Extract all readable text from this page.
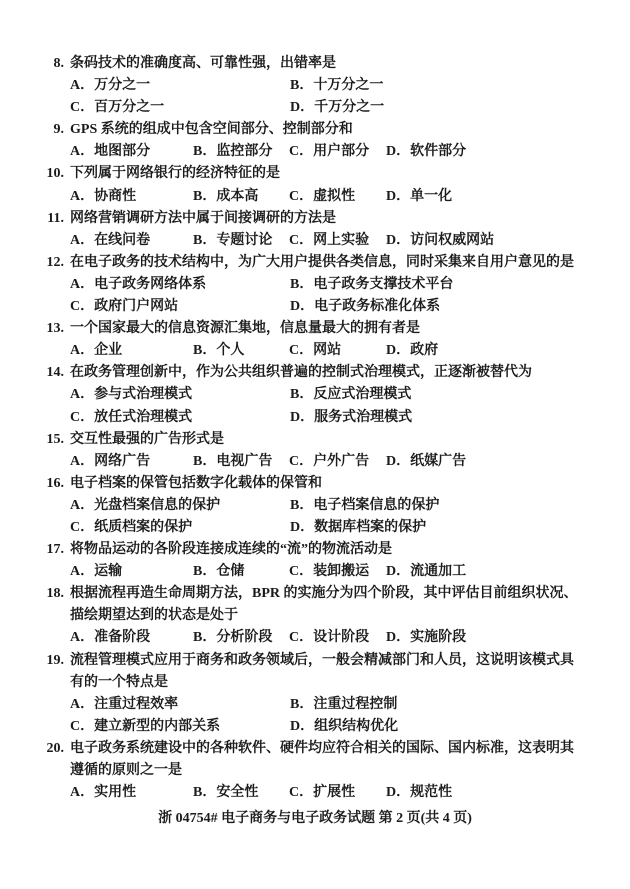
8. 条码技术的准确度高、可靠性强，出错率是
A．万分之一	B．十万分之一
C．百万分之一	D．千万分之一
9. GPS 系统的组成中包含空间部分、控制部分和
A．地图部分	B．监控部分	C．用户部分	D．软件部分
10. 下列属于网络银行的经济特征的是
A．协商性	B．成本高	C．虚拟性	D．单一化
11. 网络营销调研方法中属于间接调研的方法是
A．在线问卷	B．专题讨论	C．网上实验	D．访问权威网站
12. 在电子政务的技术结构中，为广大用户提供各类信息，同时采集来自用户意见的是
A．电子政务网络体系	B．电子政务支撑技术平台
C．政府门户网站	D．电子政务标准化体系
13. 一个国家最大的信息资源汇集地，信息量最大的拥有者是
A．企业	B．个人	C．网站	D．政府
14. 在政务管理创新中，作为公共组织普遍的控制式治理模式，正逐渐被替代为
A．参与式治理模式	B．反应式治理模式
C．放任式治理模式	D．服务式治理模式
15. 交互性最强的广告形式是
A．网络广告	B．电视广告	C．户外广告	D．纸媒广告
16. 电子档案的保管包括数字化载体的保管和
A．光盘档案信息的保护	B．电子档案信息的保护
C．纸质档案的保护	D．数据库档案的保护
17. 将物品运动的各阶段连接成连续的“流”的物流活动是
A．运输	B．仓储	C．装卸搬运	D．流通加工
18. 根据流程再造生命周期方法，BPR 的实施分为四个阶段，其中评估目前组织状况、
描绘期望达到的状态是处于
A．准备阶段	B．分析阶段	C．设计阶段	D．实施阶段
19. 流程管理模式应用于商务和政务领域后，一般会精减部门和人员，这说明该模式具
有的一个特点是
A．注重过程效率	B．注重过程控制
C．建立新型的内部关系	D．组织结构优化
20. 电子政务系统建设中的各种软件、硬件均应符合相关的国际、国内标准，这表明其
遵循的原则之一是
A．实用性	B．安全性	C．扩展性	D．规范性
浙 04754# 电子商务与电子政务试题 第 2 页(共 4 页)
